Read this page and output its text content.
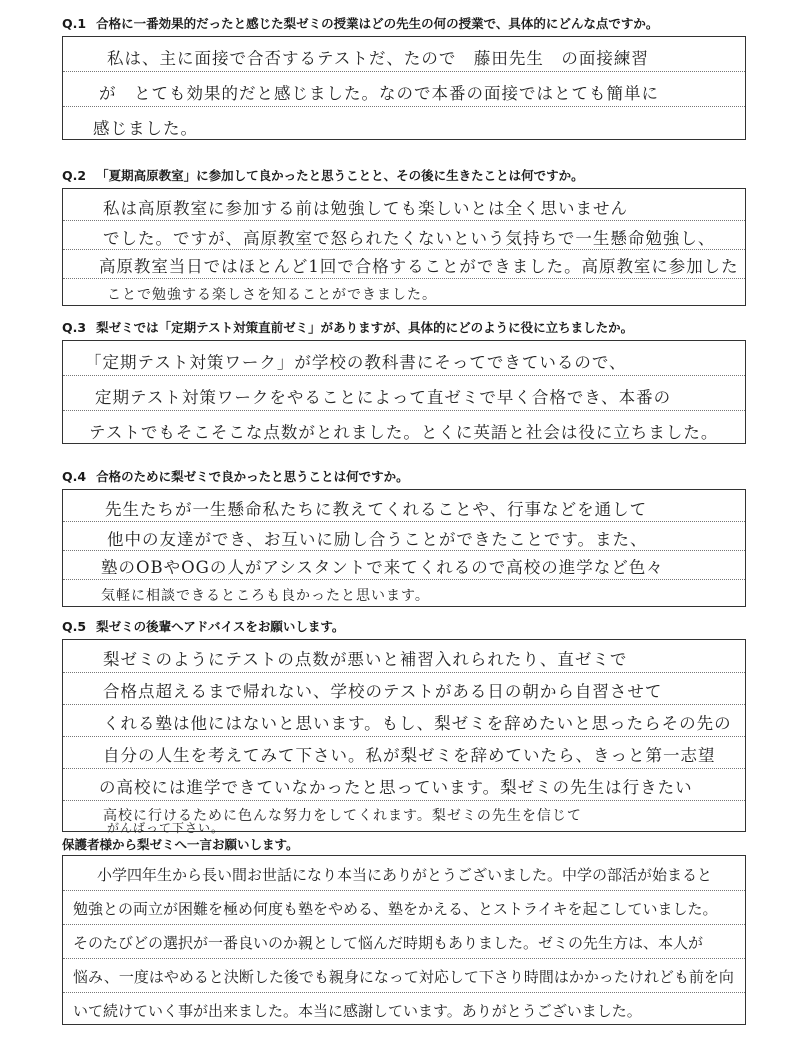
Q.1 合格に一番効果的だったと感じた梨ゼミの授業はどの先生の何の授業で、具体的にどんな点ですか。
私は、主に面接で合否するテストだ、たので　藤田先生　の面接練習
が　とても効果的だと感じました。なので本番の面接ではとても簡単に
感じました。
Q.2 「夏期高原教室」に参加して良かったと思うことと、その後に生きたことは何ですか。
私は高原教室に参加する前は勉強しても楽しいとは全く思いません
でした。ですが、高原教室で怒られたくないという気持ちで一生懸命勉強し、
高原教室当日ではほとんど1回で合格することができました。高原教室に参加した
ことで勉強する楽しさを知ることができました。
Q.3 梨ゼミでは「定期テスト対策直前ゼミ」がありますが、具体的にどのように役に立ちましたか。
「定期テスト対策ワーク」が学校の教科書にそってできているので、
定期テスト対策ワークをやることによって直ゼミで早く合格でき、本番の
テストでもそこそこな点数がとれました。とくに英語と社会は役に立ちました。
Q.4 合格のために梨ゼミで良かったと思うことは何ですか。
先生たちが一生懸命私たちに教えてくれることや、行事などを通して
他中の友達ができ、お互いに励し合うことができたことです。また、
塾のOBやOGの人がアシスタントで来てくれるので高校の進学など色々
気軽に相談できるところも良かったと思います。
Q.5 梨ゼミの後輩へアドバイスをお願いします。
梨ゼミのようにテストの点数が悪いと補習入れられたり、直ゼミで
合格点超えるまで帰れない、学校のテストがある日の朝から自習させて
くれる塾は他にはないと思います。もし、梨ゼミを辞めたいと思ったらその先の
自分の人生を考えてみて下さい。私が梨ゼミを辞めていたら、きっと第一志望
の高校には進学できていなかったと思っています。梨ゼミの先生は行きたい
高校に行けるために色んな努力をしてくれます。梨ゼミの先生を信じて
がんばって下さい。
保護者様から梨ゼミへ一言お願いします。
小学四年生から長い間お世話になり本当にありがとうございました。中学の部活が始まると
勉強との両立が困難を極め何度も塾をやめる、塾をかえる、とストライキを起こしていました。
そのたびどの選択が一番良いのか親として悩んだ時期もありました。ゼミの先生方は、本人が
悩み、一度はやめると決断した後でも親身になって対応して下さり時間はかかったけれども前を向
いて続けていく事が出来ました。本当に感謝しています。ありがとうございました。
